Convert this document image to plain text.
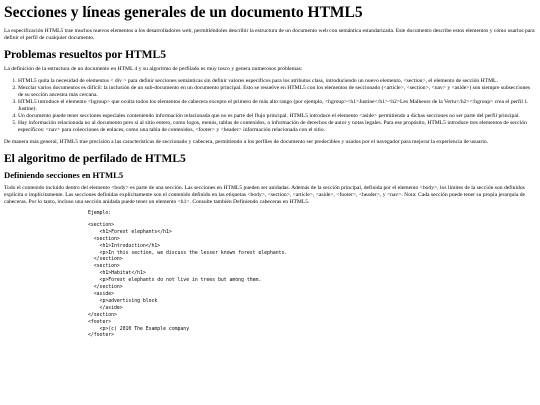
Secciones y líneas generales de un documento HTML5

La especificación HTML5 trae muchos nuevos elementos a los desarrolladores web, permitiéndoles describir la estructura de un documento web con semántica estandarizada. Este documento describe estos elementos y cómo usarlos para definir el perfil de cualquier documento.

Problemas resueltos por HTML5

La definición de la estructura de un documento en HTML 4 y su algoritmo de perfilado es muy tosco y genera numerosos problemas:

1. HTML5 quita la necesidad de elementos < div > para definir secciones semánticas sin definir valores específicos para los atributos class, introduciendo un nuevo elemento, <section>, el elemento de sección HTML.
2. Mezclar varios documentos es difícil: la inclusión de un sub-documento en un documento principal. Esto se resuelve en HTML5 con los elementos de seccionado (<article>, <section>, <nav> y <aside>) son siempre subsecciones de su sección ancestra más cercana.
3. HTML5 introduce el elemento <hgroup> que oculta todos los elementos de cabecera excepto el primero de más alto rango (por ejemplo, <hgroup><h1>Justine</h1><h2>Les Malheurs de la Vertu</h2></hgroup> crea el perfil 1. Justine).
4. Un documento puede tener secciones especiales conteniendo información relacionada que no es parte del flujo principal. HTML5 introduce el elemento <aside> permitiendo a dichas secciones no ser parte del perfil principal.
5. Hay información relacionada no al documento pero sí al sitio entero, como logos, menús, tablas de contenidos, o información de derechos de autor y notas legales. Para ese propósito, HTML5 introduce tres elementos de sección específicos: <nav> para colecciones de enlaces, como una tabla de contenidos, <footer> y <header> información relacionada con el sitio.

De manera más general, HTML5 trae precisión a las características de seccionado y cabecera, permitiendo a los perfiles de documento ser predecibles y usados por el navegador para mejorar la experiencia de usuario.

El algoritmo de perfilado de HTML5
Definiendo secciones en HTML5

Todo el contenido incluido dentro del elemento <body> es parte de una sección. Las secciones en HTML5 pueden ser anidadas. Además de la sección principal, definida por el elemento <body>, los límites de la sección son definidos explícita o implícitamente. Las secciones definidas explícitamente son el contenido definido en las etiquetas <body>, <section>, <article>, <aside>, <footer>, <header>, y <nav>. Nota: Cada sección puede tener su propia jerarquía de cabeceras. Por lo tanto, incluso una sección anidada puede tener un elemento <h1>. Consulte también Definiendo cabeceras en HTML5.

Ejemplo:
<section>
<h1>Forest elephants</h1>
<section>
<h1>Introduction</h1>
<p>In this section, we discuss the lesser known forest elephants.
</section>
<section>
<h1>Habitat</h1>
<p>Forest elephants do not live in trees but among them.
</section>
<aside>
<p>advertising block
</aside>
</section>
<footer>
<p>(c) 2010 The Example company
</footer>
